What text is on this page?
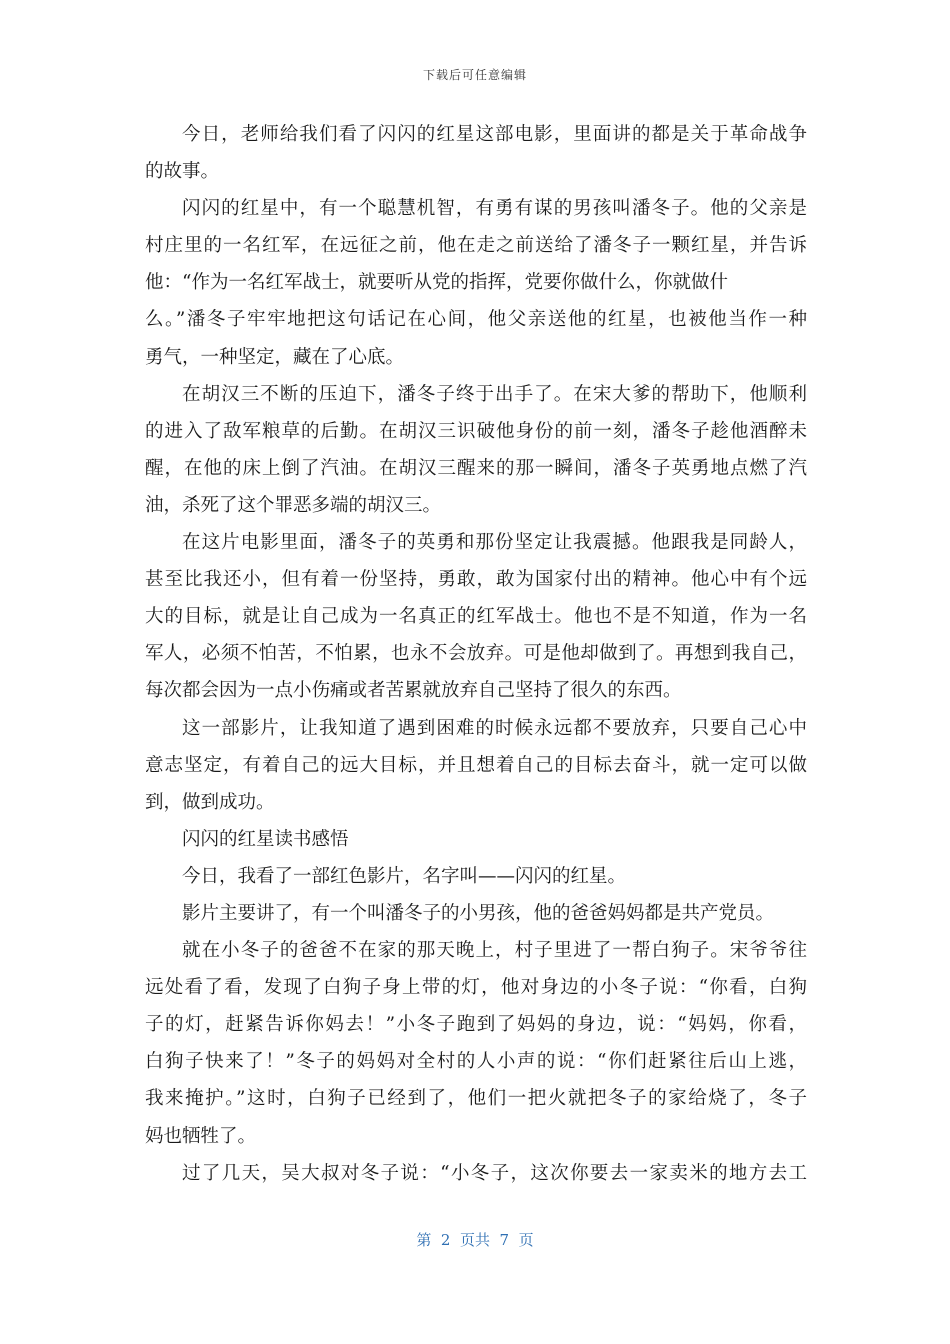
下载后可任意编辑
今日，老师给我们看了闪闪的红星这部电影，里面讲的都是关于革命战争
的故事。
闪闪的红星中，有一个聪慧机智，有勇有谋的男孩叫潘冬子。他的父亲是
村庄里的一名红军，在远征之前，他在走之前送给了潘冬子一颗红星，并告诉
他：“作为一名红军战士，就要听从党的指挥，党要你做什么，你就做什
么。”潘冬子牢牢地把这句话记在心间，他父亲送他的红星，也被他当作一种
勇气，一种坚定，藏在了心底。
在胡汉三不断的压迫下，潘冬子终于出手了。在宋大爹的帮助下，他顺利
的进入了敌军粮草的后勤。在胡汉三识破他身份的前一刻，潘冬子趁他酒醉未
醒，在他的床上倒了汽油。在胡汉三醒来的那一瞬间，潘冬子英勇地点燃了汽
油，杀死了这个罪恶多端的胡汉三。
在这片电影里面，潘冬子的英勇和那份坚定让我震撼。他跟我是同龄人，
甚至比我还小，但有着一份坚持，勇敢，敢为国家付出的精神。他心中有个远
大的目标，就是让自己成为一名真正的红军战士。他也不是不知道，作为一名
军人，必须不怕苦，不怕累，也永不会放弃。可是他却做到了。再想到我自己，
每次都会因为一点小伤痛或者苦累就放弃自己坚持了很久的东西。
这一部影片，让我知道了遇到困难的时候永远都不要放弃，只要自己心中
意志坚定，有着自己的远大目标，并且想着自己的目标去奋斗，就一定可以做
到，做到成功。
闪闪的红星读书感悟
今日，我看了一部红色影片，名字叫——闪闪的红星。
影片主要讲了，有一个叫潘冬子的小男孩，他的爸爸妈妈都是共产党员。
就在小冬子的爸爸不在家的那天晚上，村子里进了一帮白狗子。宋爷爷往
远处看了看，发现了白狗子身上带的灯，他对身边的小冬子说：“你看，白狗
子的灯，赶紧告诉你妈去！”小冬子跑到了妈妈的身边，说：“妈妈，你看，
白狗子快来了！”冬子的妈妈对全村的人小声的说：“你们赶紧往后山上逃，
我来掩护。”这时，白狗子已经到了，他们一把火就把冬子的家给烧了，冬子
妈也牺牲了。
过了几天，吴大叔对冬子说：“小冬子，这次你要去一家卖米的地方去工
第  2  页共  7  页
